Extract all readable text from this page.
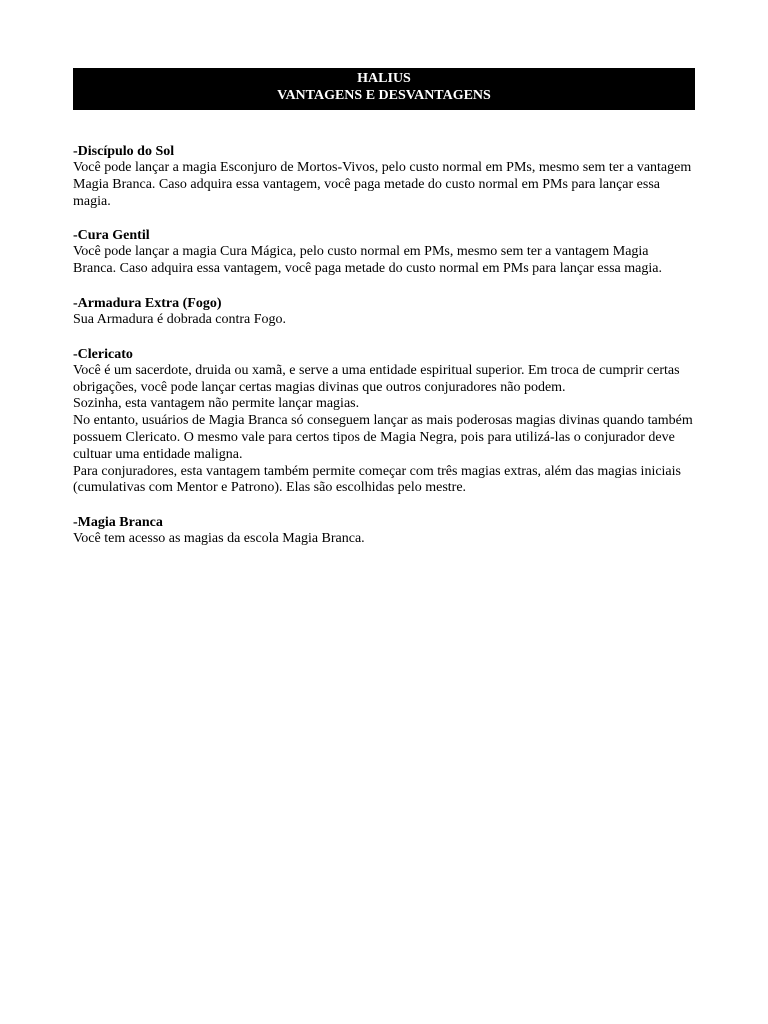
HALIUS
VANTAGENS E DESVANTAGENS
-Discípulo do Sol
Você pode lançar a magia Esconjuro de Mortos-Vivos, pelo custo normal em PMs, mesmo sem ter a vantagem Magia Branca. Caso adquira essa vantagem, você paga metade do custo normal em PMs para lançar essa magia.
-Cura Gentil
Você pode lançar a magia Cura Mágica, pelo custo normal em PMs, mesmo sem ter a vantagem Magia Branca. Caso adquira essa vantagem, você paga metade do custo normal em PMs para lançar essa magia.
-Armadura Extra (Fogo)
Sua Armadura é dobrada contra Fogo.
-Clericato
Você é um sacerdote, druida ou xamã, e serve a uma entidade espiritual superior. Em troca de cumprir certas obrigações, você pode lançar certas magias divinas que outros conjuradores não podem.
Sozinha, esta vantagem não permite lançar magias.
No entanto, usuários de Magia Branca só conseguem lançar as mais poderosas magias divinas quando também possuem Clericato. O mesmo vale para certos tipos de Magia Negra, pois para utilizá-las o conjurador deve cultuar uma entidade maligna.
Para conjuradores, esta vantagem também permite começar com três magias extras, além das magias iniciais (cumulativas com Mentor e Patrono). Elas são escolhidas pelo mestre.
-Magia Branca
Você tem acesso as magias da escola Magia Branca.
